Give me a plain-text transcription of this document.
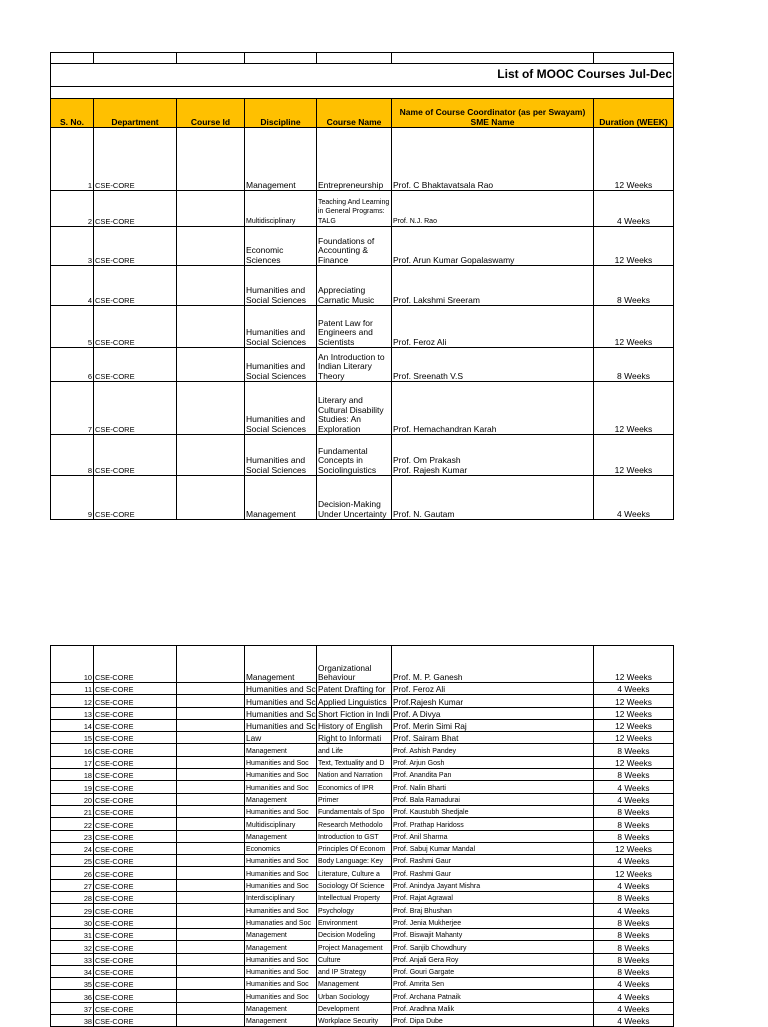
List of MOOC Courses Jul-Dec						

S. No.	Department	Course Id	Discipline	Course Name	Name of Course Coordinator (as per Swayam)
SME Name	Duration (WEEK)
1	CSE-CORE		Management	Entrepreneurship	Prof. C Bhaktavatsala Rao	12 Weeks
2	CSE-CORE		Multidisciplinary	Teaching And Learning in General Programs: TALG	Prof. N.J. Rao	4 Weeks
3	CSE-CORE		Economic Sciences	Foundations of Accounting & Finance	Prof. Arun Kumar Gopalaswamy	12 Weeks
4	CSE-CORE		Humanities and Social Sciences	Appreciating Carnatic Music	Prof. Lakshmi Sreeram	8 Weeks
5	CSE-CORE		Humanities and Social Sciences	Patent Law for Engineers and Scientists	Prof. Feroz Ali	12 Weeks
6	CSE-CORE		Humanities and Social Sciences	An Introduction to Indian Literary Theory	Prof. Sreenath V.S	8 Weeks
7	CSE-CORE		Humanities and Social Sciences	Literary and Cultural Disability Studies: An Exploration	Prof. Hemachandran Karah	12 Weeks
8	CSE-CORE		Humanities and Social Sciences	Fundamental Concepts in Sociolinguistics	Prof. Om Prakash
Prof. Rajesh Kumar	12 Weeks
9	CSE-CORE		Management	Decision-Making Under Uncertainty	Prof. N. Gautam	4 Weeks
10	CSE-CORE		Management	Organizational Behaviour	Prof. M. P. Ganesh	12 Weeks
11	CSE-CORE		Humanities and Sc	Patent Drafting for	Prof. Feroz Ali	4 Weeks
12	CSE-CORE		Humanities and Sc	Applied Linguistics	Prof.Rajesh Kumar	12 Weeks
13	CSE-CORE		Humanities and Sc	Short Fiction in Indi	Prof. A Divya	12 Weeks
14	CSE-CORE		Humanities and Sc	History of English	Prof. Merin Simi Raj	12 Weeks
15	CSE-CORE		Law	Right to Informati	Prof. Sairam Bhat	12 Weeks
16	CSE-CORE		Management	and Life	Prof. Ashish Pandey	8 Weeks
17	CSE-CORE		Humanities and Soc	Text, Textuality and D	Prof. Arjun Gosh	12 Weeks
18	CSE-CORE		Humanities and Soc	Nation and Narration	Prof. Anandita Pan	8 Weeks
19	CSE-CORE		Humanities and Soc	Economics of IPR	Prof. Nalin Bharti	4 Weeks
20	CSE-CORE		Management	Primer	Prof. Bala Ramadurai	4 Weeks
21	CSE-CORE		Humanities and Soc	Fundamentals of Spo	Prof. Kaustubh Shedjale	8 Weeks
22	CSE-CORE		Multidisciplinary	Research Methodolo	Prof. Prathap Haridoss	8 Weeks
23	CSE-CORE		Management	Introduction to GST	Prof. Anil Sharma	8 Weeks
24	CSE-CORE		Economics	Principles Of Econom	Prof. Sabuj Kumar Mandal	12 Weeks
25	CSE-CORE		Humanities and Soc	Body Language: Key	Prof. Rashmi Gaur	4 Weeks
26	CSE-CORE		Humanities and Soc	Literature, Culture a	Prof. Rashmi Gaur	12 Weeks
27	CSE-CORE		Humanities and Soc	Sociology Of Science	Prof. Anindya Jayant Mishra	4 Weeks
28	CSE-CORE		Interdisciplinary	Intellectual Property	Prof. Rajat Agrawal	8 Weeks
29	CSE-CORE		Humanities and Soc	Psychology	Prof. Braj Bhushan	4 Weeks
30	CSE-CORE		Humanaties and Soc	Environment	Prof. Jenia Mukherjee	8 Weeks
31	CSE-CORE		Management	Decision Modeling	Prof. Biswajit Mahanty	8 Weeks
32	CSE-CORE		Management	Project Management	Prof. Sanjib Chowdhury	8 Weeks
33	CSE-CORE		Humanities and Soc	Culture	Prof. Anjali Gera Roy	8 Weeks
34	CSE-CORE		Humanities and Soc	and IP Strategy	Prof. Gouri Gargate	8 Weeks
35	CSE-CORE		Humanities and Soc	Management	Prof. Amrita Sen	4 Weeks
36	CSE-CORE		Humanities and Soc	Urban Sociology	Prof. Archana Patnaik	4 Weeks
37	CSE-CORE		Management	Development	Prof. Aradhna Malik	4 Weeks
38	CSE-CORE		Management	Workplace Security	Prof. Dipa Dube	4 Weeks
